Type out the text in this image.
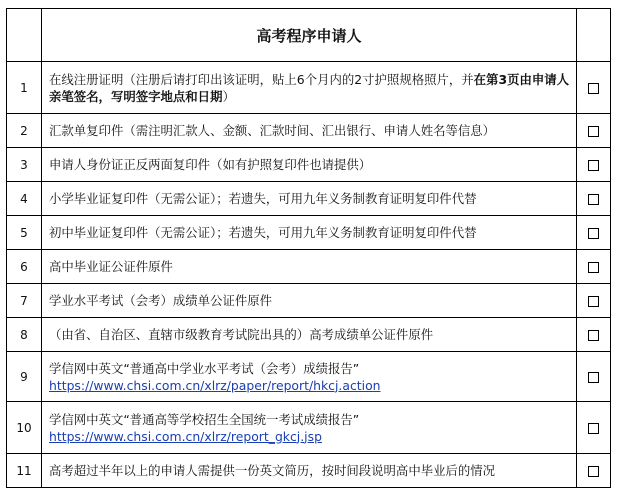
	高考程序申请人	
1	在线注册证明（注册后请打印出该证明，贴上6个月内的2寸护照规格照片，并在第3页由申请人亲笔签名，写明签字地点和日期）	
2	汇款单复印件（需注明汇款人、金额、汇款时间、汇出银行、申请人姓名等信息）	
3	申请人身份证正反两面复印件（如有护照复印件也请提供）	
4	小学毕业证复印件（无需公证）；若遗失，可用九年义务制教育证明复印件代替	
5	初中毕业证复印件（无需公证）；若遗失，可用九年义务制教育证明复印件代替	
6	高中毕业证公证件原件	
7	学业水平考试（会考）成绩单公证件原件	
8	（由省、自治区、直辖市级教育考试院出具的）高考成绩单公证件原件	
9	学信网中英文“普通高中学业水平考试（会考）成绩报告”
https://www.chsi.com.cn/xlrz/paper/report/hkcj.action	

10	学信网中英文“普通高等学校招生全国统一考试成绩报告”
https://www.chsi.com.cn/xlrz/report_gkcj.jsp	

11	高考超过半年以上的申请人需提供一份英文简历，按时间段说明高中毕业后的情况	
